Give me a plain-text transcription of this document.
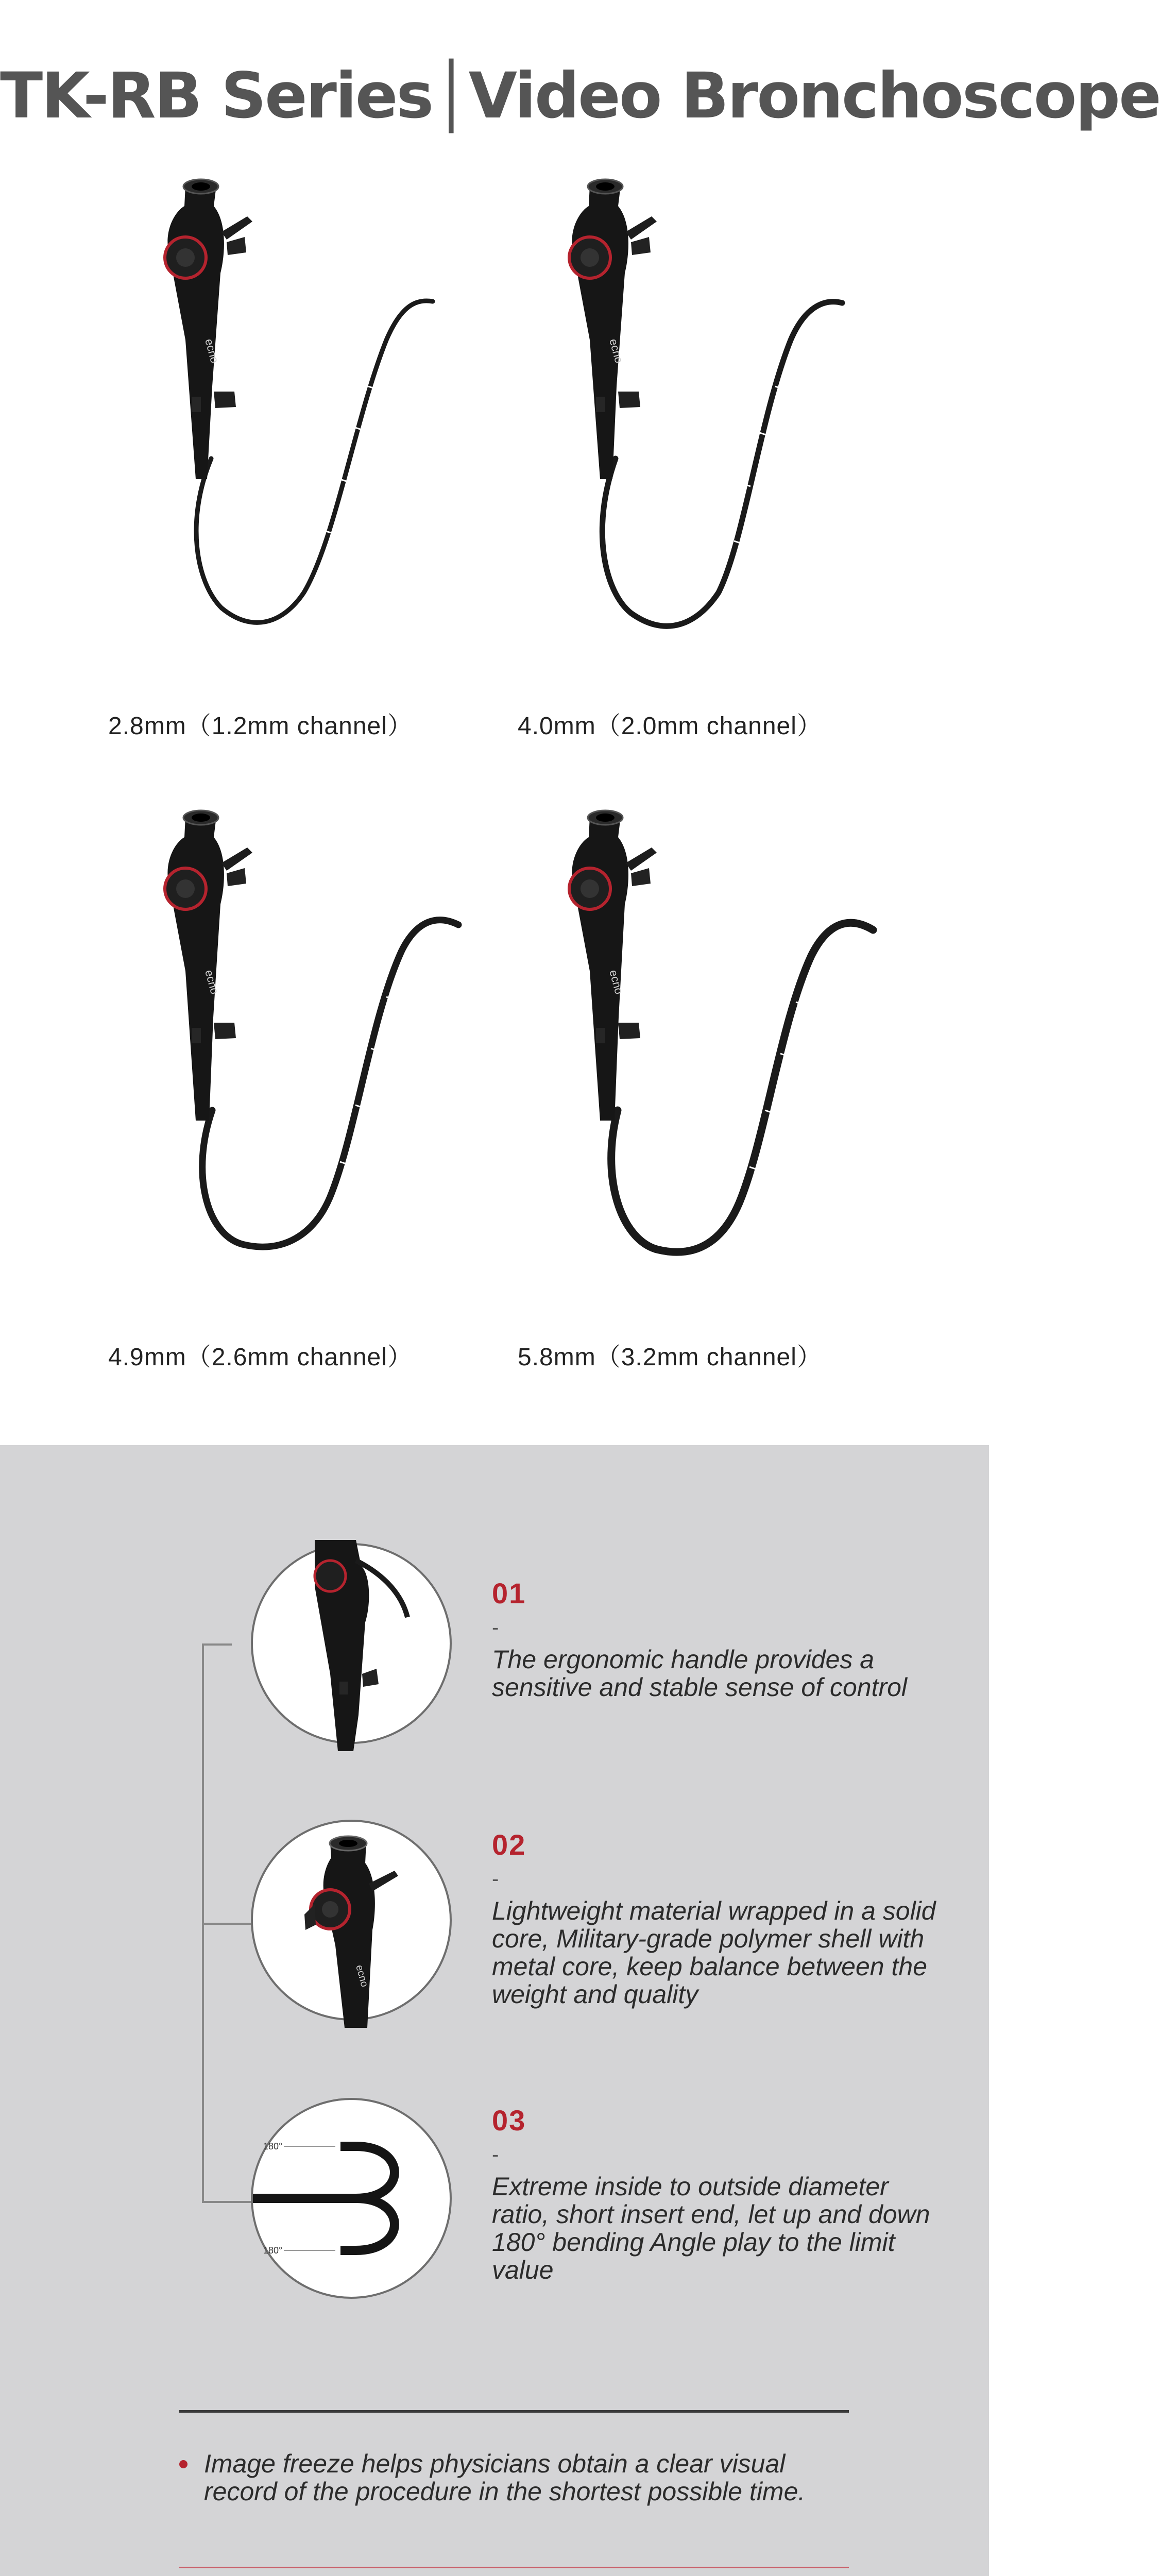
TK-RB Series│Video Bronchoscope
ecno
2.8mm（1.2mm channel）
ecno
4.0mm（2.0mm channel）
ecno
4.9mm（2.6mm channel）
ecno
5.8mm（3.2mm channel）
ecno
180°
180°
01
-
The ergonomic handle provides a sensitive and stable sense of control
02
-
Lightweight material wrapped in a solid core, Military-grade polymer shell with metal core, keep balance between the weight and quality
03
-
Extreme inside to outside diameter ratio, short insert end, let up and down 180° bending Angle play to the limit value
Image freeze helps physicians obtain a clear visual record of the procedure in the shortest possible time.
